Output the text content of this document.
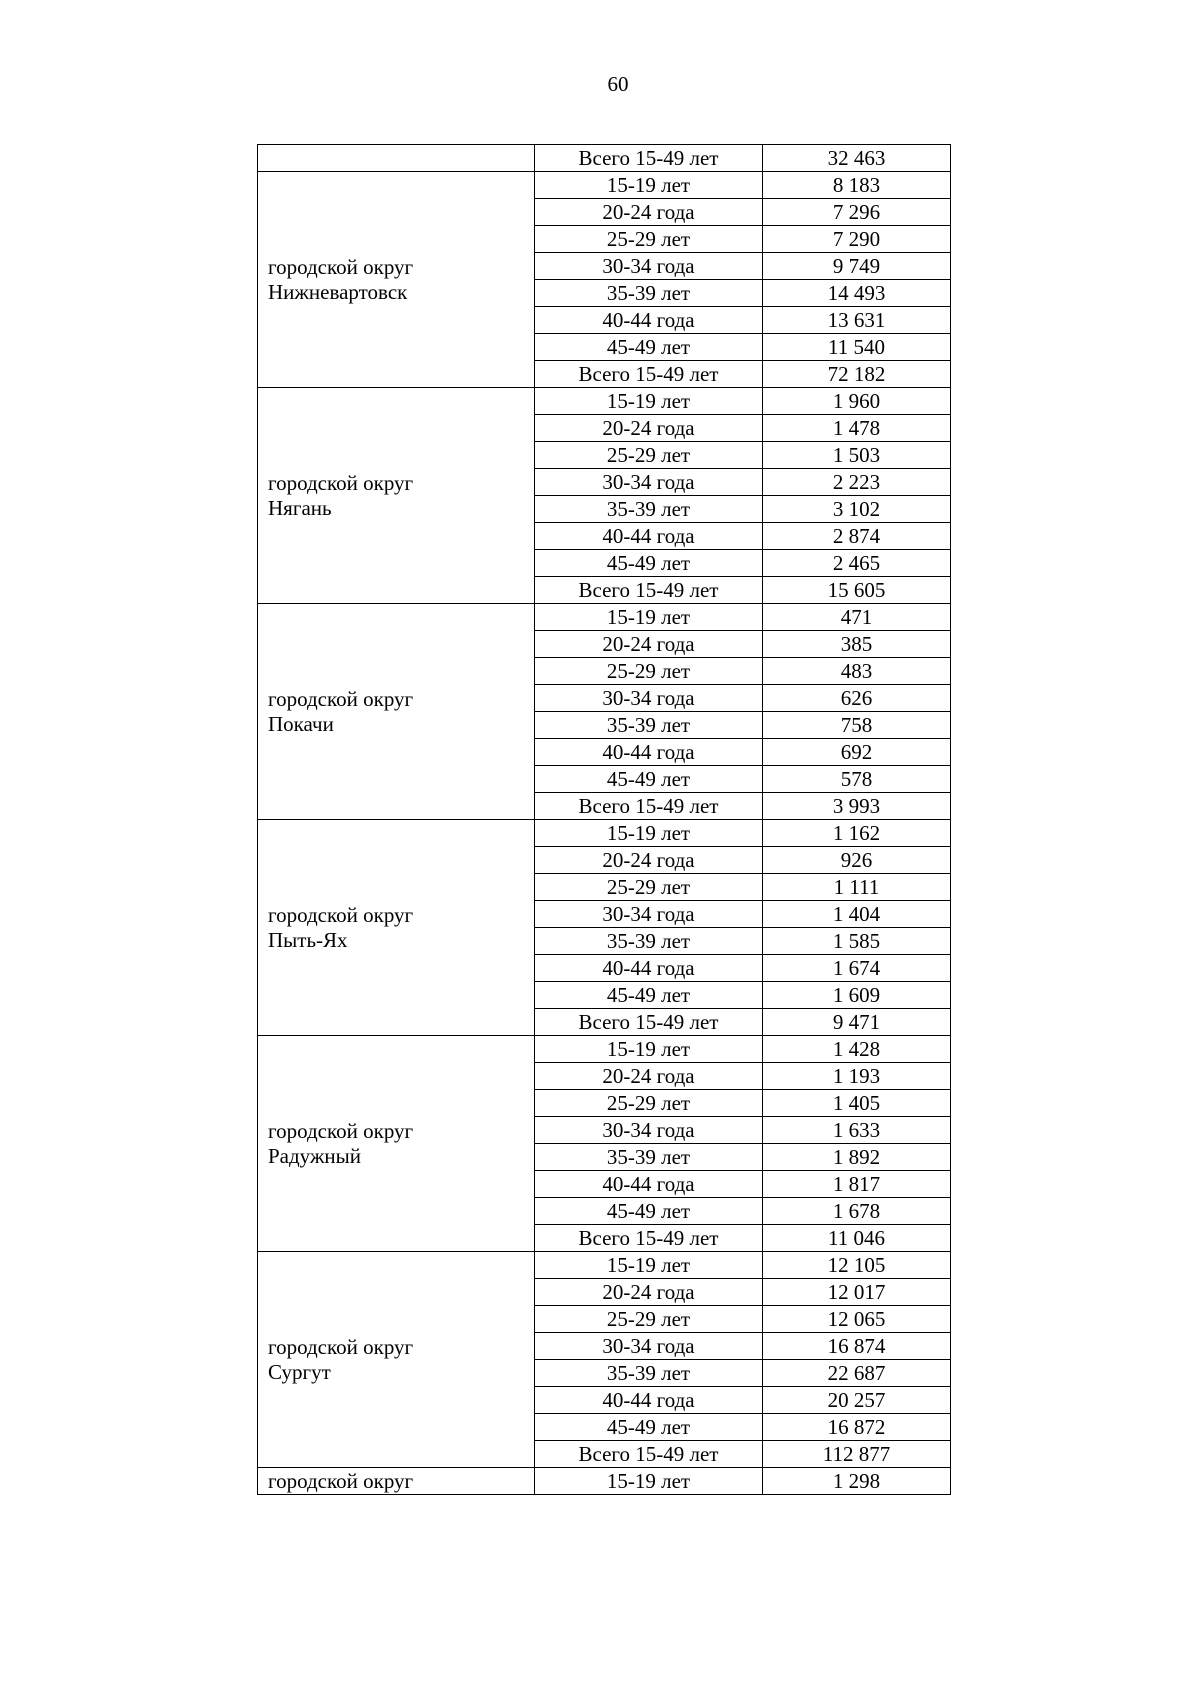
60
	Всего 15-49 лет	32 463

городской округ
Нижневартовск	15-19 лет	8 183
	20-24 года	7 296
	25-29 лет	7 290
	30-34 года	9 749
	35-39 лет	14 493
	40-44 года	13 631
	45-49 лет	11 540
	Всего 15-49 лет	72 182

городской округ
Нягань	15-19 лет	1 960
	20-24 года	1 478
	25-29 лет	1 503
	30-34 года	2 223
	35-39 лет	3 102
	40-44 года	2 874
	45-49 лет	2 465
	Всего 15-49 лет	15 605

городской округ
Покачи	15-19 лет	471
	20-24 года	385
	25-29 лет	483
	30-34 года	626
	35-39 лет	758
	40-44 года	692
	45-49 лет	578
	Всего 15-49 лет	3 993

городской округ
Пыть-Ях	15-19 лет	1 162
	20-24 года	926
	25-29 лет	1 111
	30-34 года	1 404
	35-39 лет	1 585
	40-44 года	1 674
	45-49 лет	1 609
	Всего 15-49 лет	9 471

городской округ
Радужный	15-19 лет	1 428
	20-24 года	1 193
	25-29 лет	1 405
	30-34 года	1 633
	35-39 лет	1 892
	40-44 года	1 817
	45-49 лет	1 678
	Всего 15-49 лет	11 046

городской округ
Сургут	15-19 лет	12 105
	20-24 года	12 017
	25-29 лет	12 065
	30-34 года	16 874
	35-39 лет	22 687
	40-44 года	20 257
	45-49 лет	16 872
	Всего 15-49 лет	112 877
городской округ	15-19 лет	1 298
